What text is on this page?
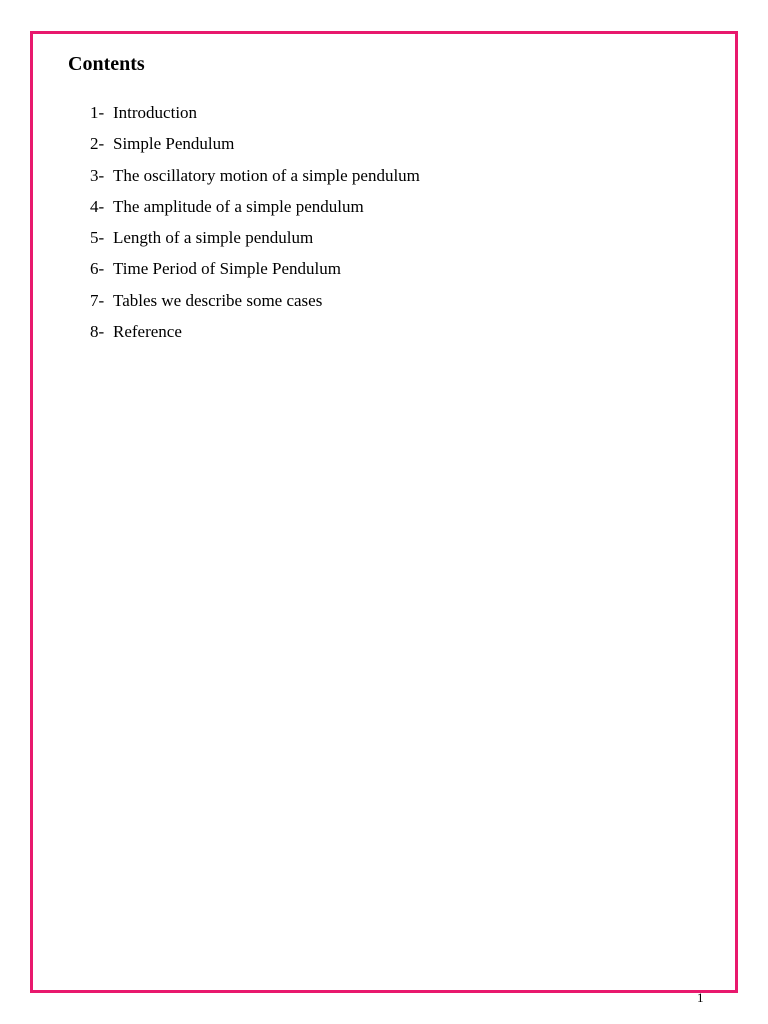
Contents
1- Introduction
2- Simple Pendulum
3- The oscillatory motion of a simple pendulum
4- The amplitude of a simple pendulum
5- Length of a simple pendulum
6- Time Period of Simple Pendulum
7- Tables we describe some cases
8- Reference
1
